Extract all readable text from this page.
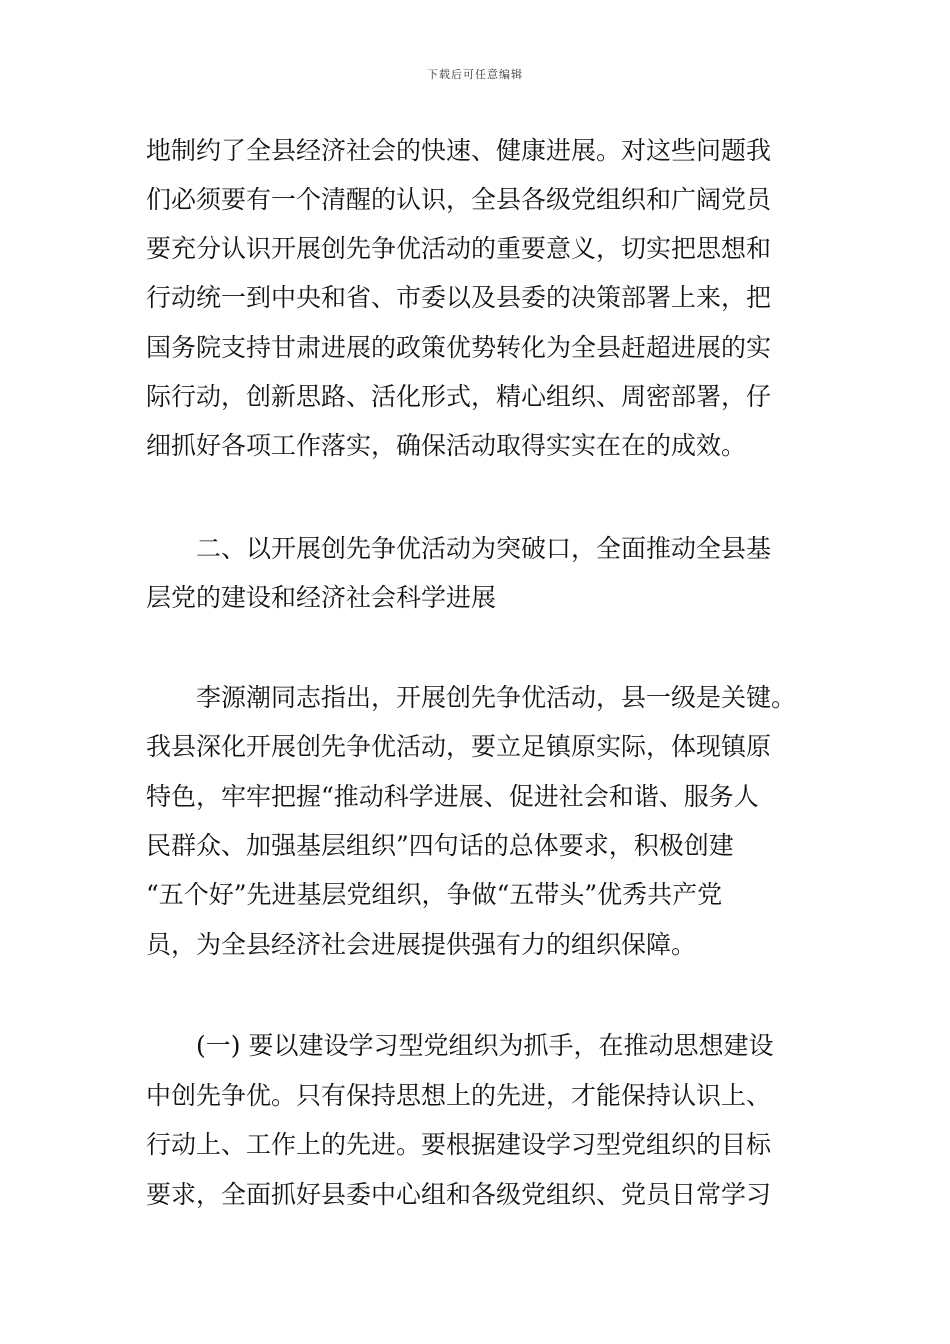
下载后可任意编辑
地制约了全县经济社会的快速、健康进展。对这些问题我
们必须要有一个清醒的认识，全县各级党组织和广阔党员
要充分认识开展创先争优活动的重要意义，切实把思想和
行动统一到中央和省、市委以及县委的决策部署上来，把
国务院支持甘肃进展的政策优势转化为全县赶超进展的实
际行动，创新思路、活化形式，精心组织、周密部署，仔
细抓好各项工作落实，确保活动取得实实在在的成效。
二、以开展创先争优活动为突破口，全面推动全县基
层党的建设和经济社会科学进展
李源潮同志指出，开展创先争优活动，县一级是关键。
我县深化开展创先争优活动，要立足镇原实际，体现镇原
特色，牢牢把握“推动科学进展、促进社会和谐、服务人
民群众、加强基层组织”四句话的总体要求，积极创建
“五个好”先进基层党组织，争做“五带头”优秀共产党
员，为全县经济社会进展提供强有力的组织保障。
(一) 要以建设学习型党组织为抓手，在推动思想建设
中创先争优。只有保持思想上的先进，才能保持认识上、
行动上、工作上的先进。要根据建设学习型党组织的目标
要求，全面抓好县委中心组和各级党组织、党员日常学习
